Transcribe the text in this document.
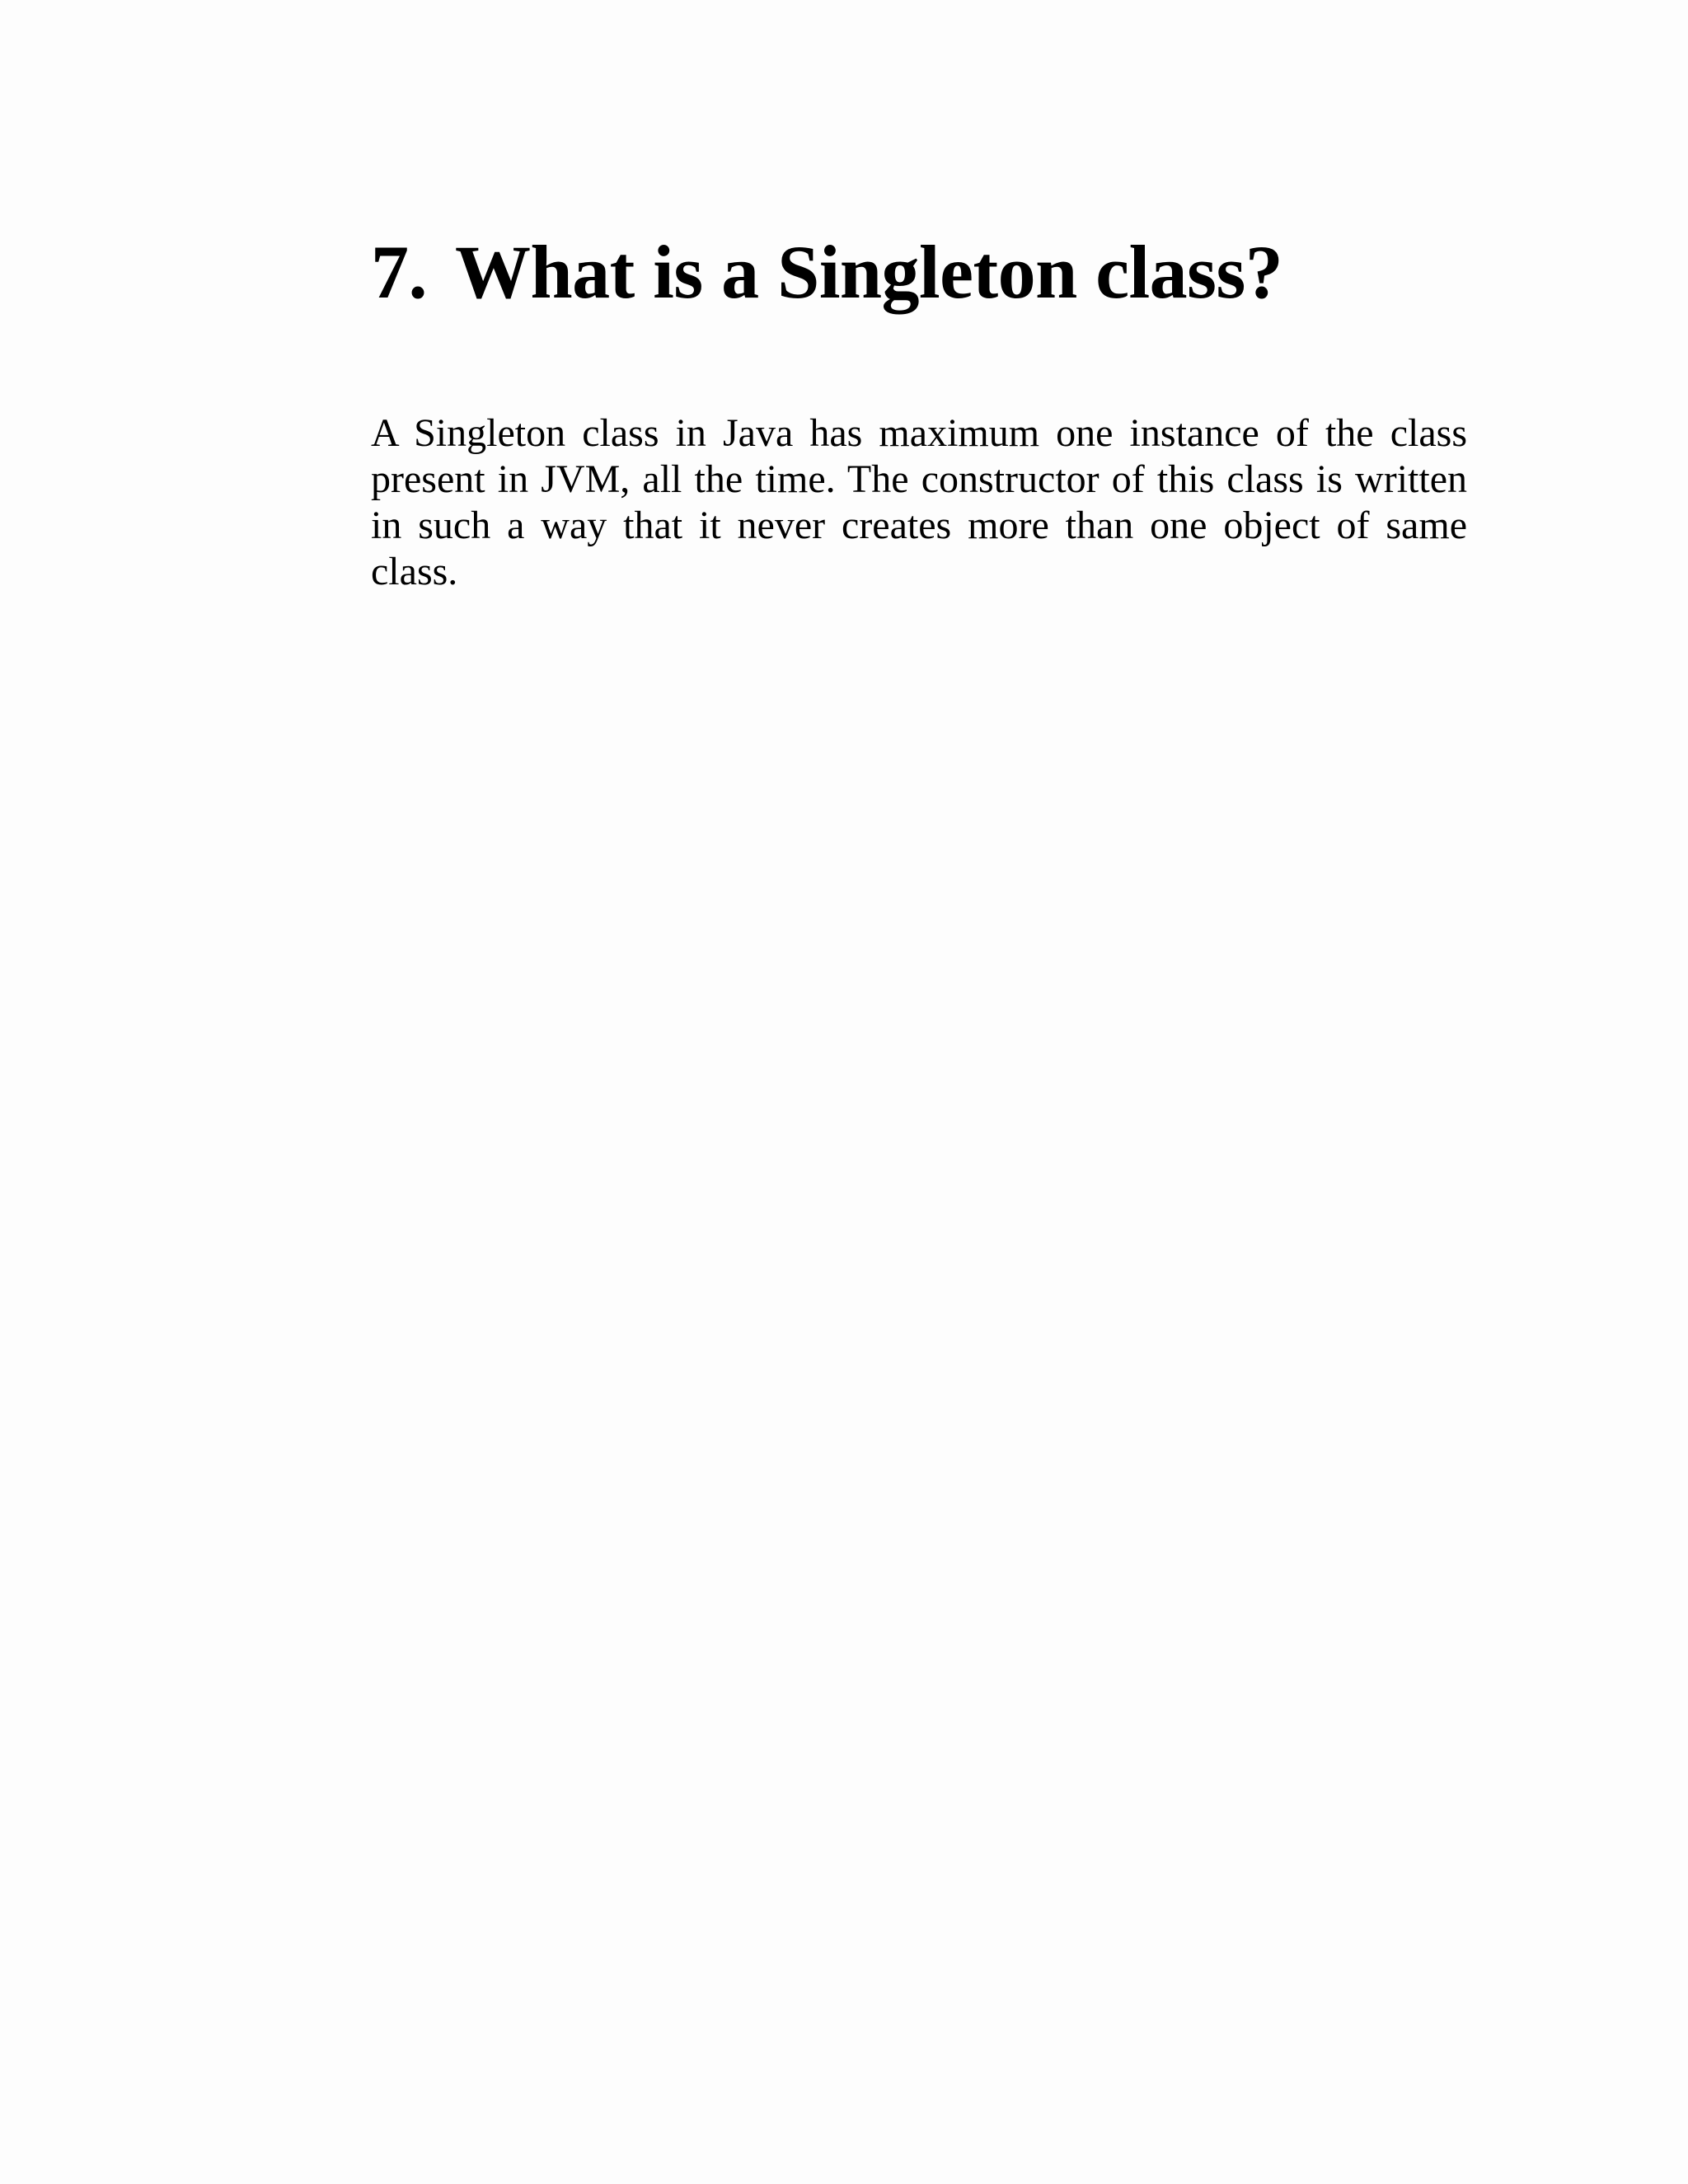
7. What is a Singleton class?

A Singleton class in Java has maximum one instance of the class present in JVM, all the time. The constructor of this class is written in such a way that it never creates more than one object of same class.
